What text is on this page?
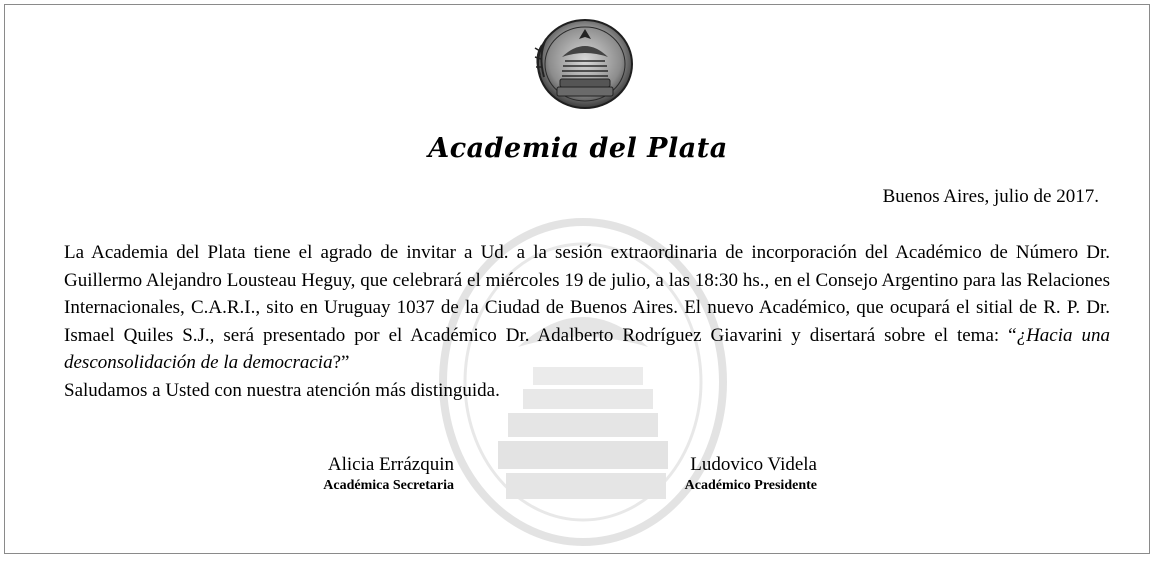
Academia del Plata
Buenos Aires, julio de 2017.

La Academia del Plata tiene el agrado de invitar a Ud. a la sesión extraordinaria de incorporación del Académico de Número Dr. Guillermo Alejandro Lousteau Heguy, que celebrará el miércoles 19 de julio, a las 18:30 hs., en el Consejo Argentino para las Relaciones Internacionales, C.A.R.I., sito en Uruguay 1037 de la Ciudad de Buenos Aires. El nuevo Académico, que ocupará el sitial de R. P. Dr. Ismael Quiles S.J., será presentado por el Académico Dr. Adalberto Rodríguez Giavarini y disertará sobre el tema: “¿Hacia una desconsolidación de la democracia?”

Saludamos a Usted con nuestra atención más distinguida.

Alicia Errázquin
Académica Secretaria
Ludovico Videla
Académico Presidente
